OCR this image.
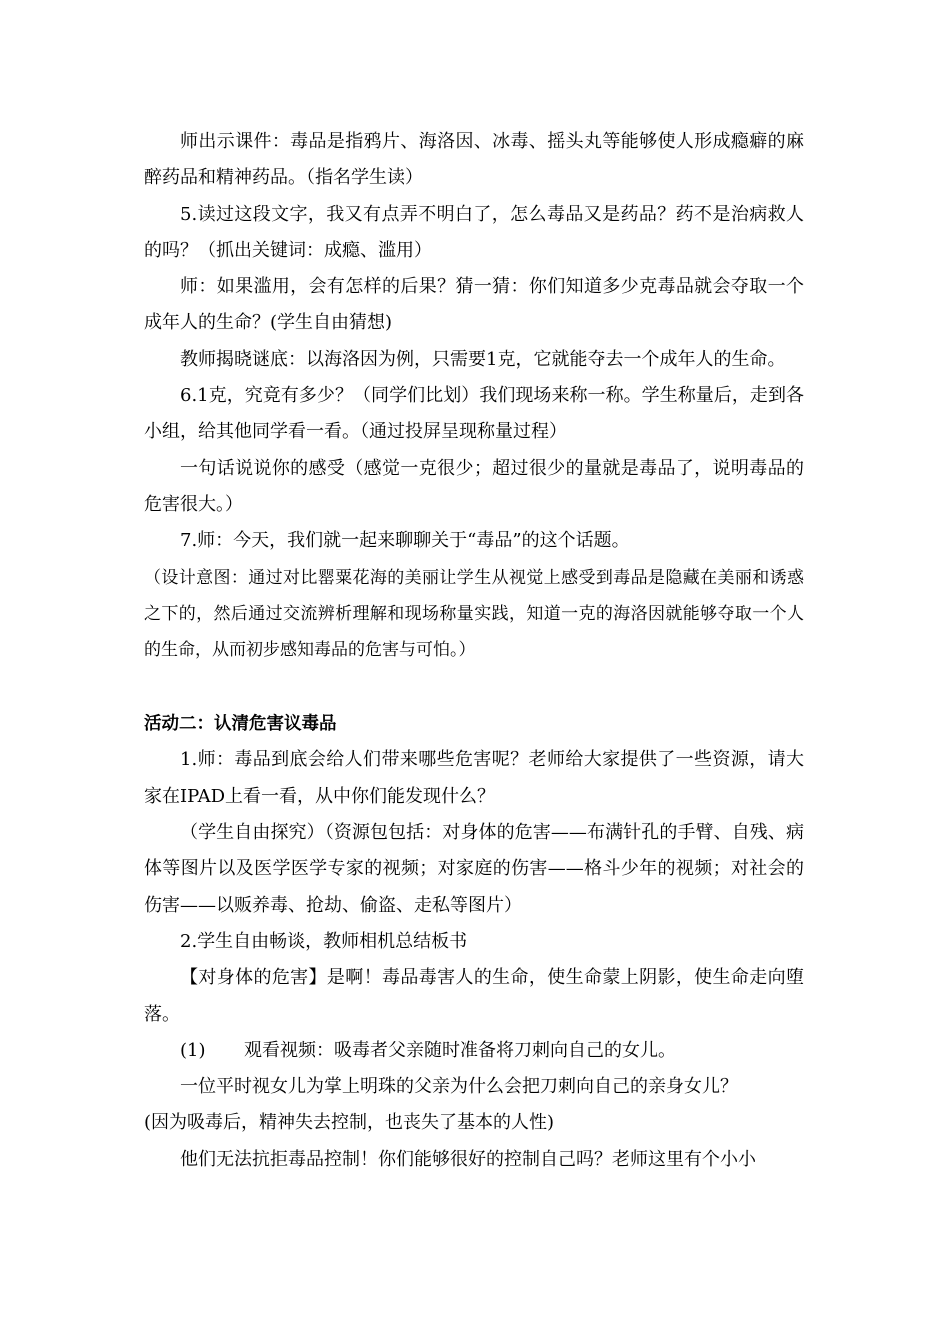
师出示课件：毒品是指鸦片、海洛因、冰毒、摇头丸等能够使人形成瘾癖的麻醉药品和精神药品。（指名学生读）

5.读过这段文字，我又有点弄不明白了，怎么毒品又是药品？药不是治病救人的吗？（抓出关键词：成瘾、滥用）

师：如果滥用，会有怎样的后果？猜一猜：你们知道多少克毒品就会夺取一个成年人的生命？(学生自由猜想)

教师揭晓谜底：以海洛因为例，只需要1克，它就能夺去一个成年人的生命。

6.1克，究竟有多少？（同学们比划）我们现场来称一称。学生称量后，走到各小组，给其他同学看一看。（通过投屏呈现称量过程）

一句话说说你的感受（感觉一克很少；超过很少的量就是毒品了，说明毒品的危害很大。）

7.师：今天，我们就一起来聊聊关于“毒品”的这个话题。

（设计意图：通过对比罂粟花海的美丽让学生从视觉上感受到毒品是隐藏在美丽和诱惑之下的，然后通过交流辨析理解和现场称量实践，知道一克的海洛因就能够夺取一个人的生命，从而初步感知毒品的危害与可怕。）

活动二：认清危害议毒品

1.师：毒品到底会给人们带来哪些危害呢？老师给大家提供了一些资源，请大家在IPAD上看一看，从中你们能发现什么？

（学生自由探究）（资源包包括：对身体的危害——布满针孔的手臂、自残、病体等图片以及医学医学专家的视频；对家庭的伤害——格斗少年的视频；对社会的伤害——以贩养毒、抢劫、偷盗、走私等图片）

2.学生自由畅谈，教师相机总结板书

【对身体的危害】是啊！毒品毒害人的生命，使生命蒙上阴影，使生命走向堕落。

(1) 观看视频：吸毒者父亲随时准备将刀刺向自己的女儿。

一位平时视女儿为掌上明珠的父亲为什么会把刀刺向自己的亲身女儿？

(因为吸毒后，精神失去控制，也丧失了基本的人性)

他们无法抗拒毒品控制！你们能够很好的控制自己吗？老师这里有个小小
